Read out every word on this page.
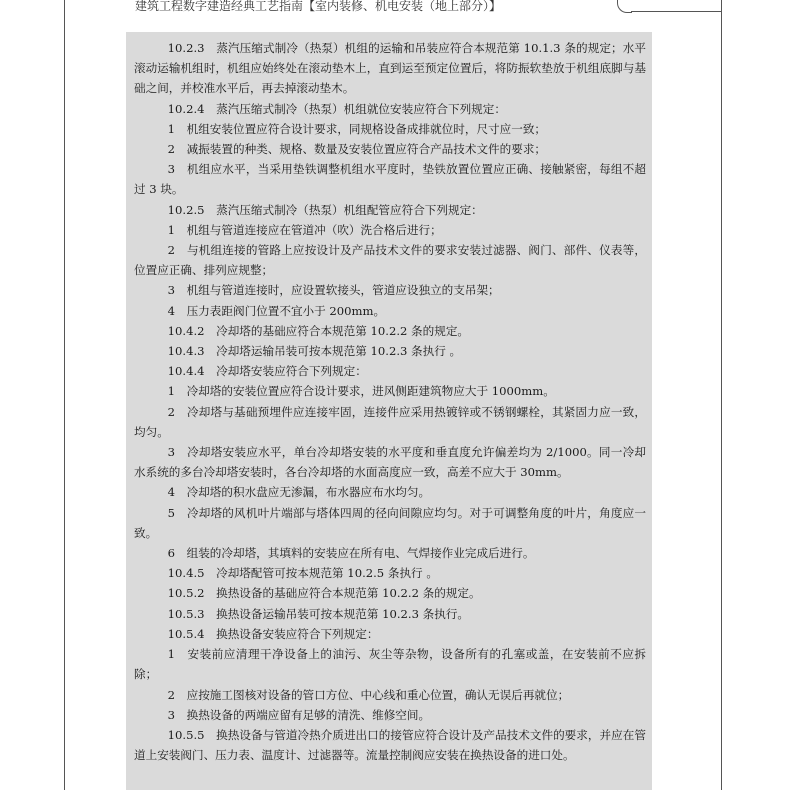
建筑工程数字建造经典工艺指南【室内装修、机电安装（地上部分）】

10.2.3　蒸汽压缩式制冷（热泵）机组的运输和吊装应符合本规范第 10.1.3 条的规定；水平滚动运输机组时，机组应始终处在滚动垫木上，直到运至预定位置后，将防振软垫放于机组底脚与基础之间，并校准水平后，再去掉滚动垫木。

10.2.4　蒸汽压缩式制冷（热泵）机组就位安装应符合下列规定：

1　机组安装位置应符合设计要求，同规格设备成排就位时，尺寸应一致；

2　减振装置的种类、规格、数量及安装位置应符合产品技术文件的要求；

3　机组应水平，当采用垫铁调整机组水平度时，垫铁放置位置应正确、接触紧密，每组不超过 3 块。

10.2.5　蒸汽压缩式制冷（热泵）机组配管应符合下列规定：

1　机组与管道连接应在管道冲（吹）洗合格后进行；

2　与机组连接的管路上应按设计及产品技术文件的要求安装过滤器、阀门、部件、仪表等，位置应正确、排列应规整；

3　机组与管道连接时，应设置软接头，管道应设独立的支吊架；

4　压力表距阀门位置不宜小于 200mm。

10.4.2　冷却塔的基础应符合本规范第 10.2.2 条的规定。

10.4.3　冷却塔运输吊装可按本规范第 10.2.3 条执行 。

10.4.4　冷却塔安装应符合下列规定：

1　冷却塔的安装位置应符合设计要求，进风侧距建筑物应大于 1000mm。

2　冷却塔与基础预埋件应连接牢固，连接件应采用热镀锌或不锈钢螺栓，其紧固力应一致，均匀。

3　冷却塔安装应水平，单台冷却塔安装的水平度和垂直度允许偏差均为 2/1000。同一冷却水系统的多台冷却塔安装时，各台冷却塔的水面高度应一致，高差不应大于 30mm。

4　冷却塔的积水盘应无渗漏，布水器应布水均匀。

5　冷却塔的风机叶片端部与塔体四周的径向间隙应均匀。对于可调整角度的叶片，角度应一致。

6　组装的冷却塔，其填料的安装应在所有电、气焊接作业完成后进行。

10.4.5　冷却塔配管可按本规范第 10.2.5 条执行 。

10.5.2　换热设备的基础应符合本规范第 10.2.2 条的规定。

10.5.3　换热设备运输吊装可按本规范第 10.2.3 条执行。

10.5.4　换热设备安装应符合下列规定：

1　安装前应清理干净设备上的油污、灰尘等杂物，设备所有的孔塞或盖，在安装前不应拆除；

2　应按施工图核对设备的管口方位、中心线和重心位置，确认无误后再就位；

3　换热设备的两端应留有足够的清洗、维修空间。

10.5.5　换热设备与管道冷热介质进出口的接管应符合设计及产品技术文件的要求，并应在管道上安装阀门、压力表、温度计、过滤器等。流量控制阀应安装在换热设备的进口处。
